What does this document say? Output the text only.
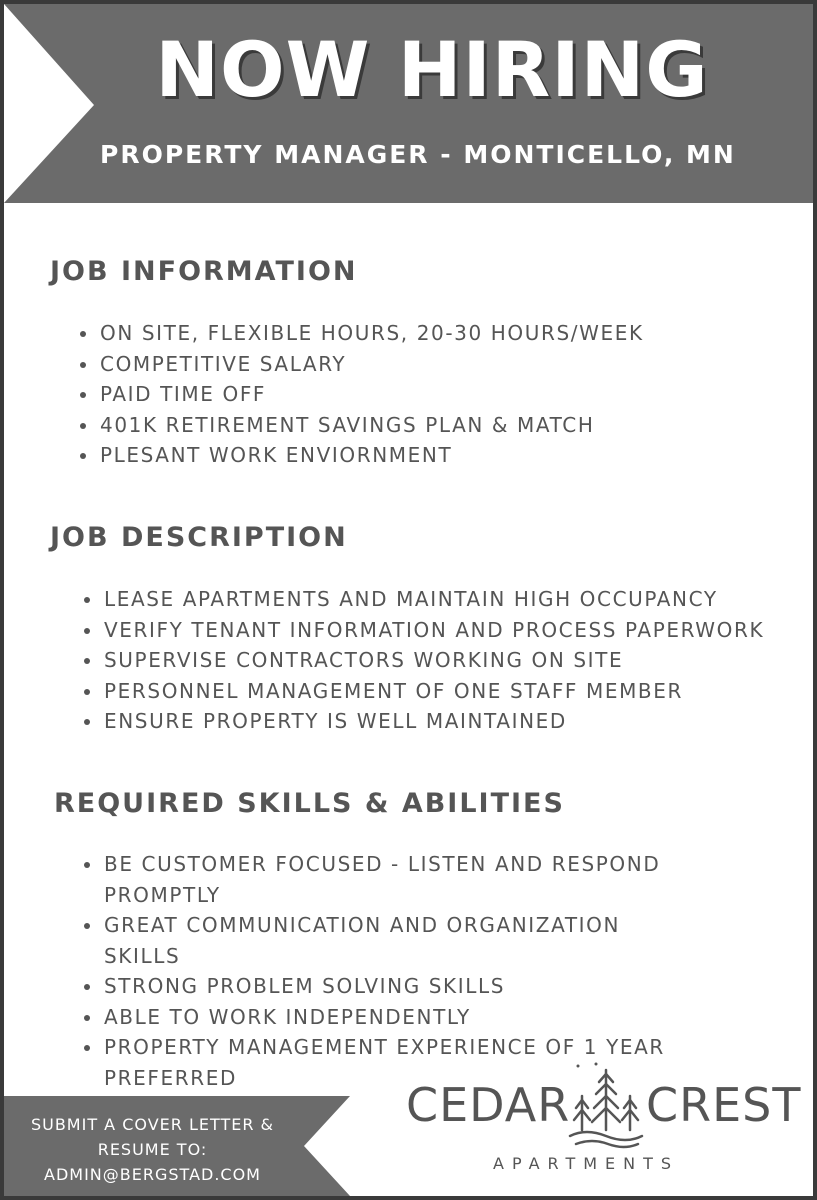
NOW HIRING
PROPERTY MANAGER - MONTICELLO, MN
JOB INFORMATION
ON SITE, FLEXIBLE HOURS, 20-30 HOURS/WEEK
COMPETITIVE SALARY
PAID TIME OFF
401K RETIREMENT SAVINGS PLAN & MATCH
PLESANT WORK ENVIORNMENT
JOB DESCRIPTION
LEASE APARTMENTS AND MAINTAIN HIGH OCCUPANCY
VERIFY TENANT INFORMATION AND PROCESS PAPERWORK
SUPERVISE CONTRACTORS WORKING ON SITE
PERSONNEL MANAGEMENT OF ONE STAFF MEMBER
ENSURE PROPERTY IS WELL MAINTAINED
REQUIRED SKILLS & ABILITIES
BE CUSTOMER FOCUSED - LISTEN AND RESPOND PROMPTLY
GREAT COMMUNICATION AND ORGANIZATION SKILLS
STRONG PROBLEM SOLVING SKILLS
ABLE TO WORK INDEPENDENTLY
PROPERTY MANAGEMENT EXPERIENCE OF 1 YEAR PREFERRED
SUBMIT A COVER LETTER &
RESUME TO:
ADMIN@BERGSTAD.COM
CEDAR CREST
APARTMENTS
